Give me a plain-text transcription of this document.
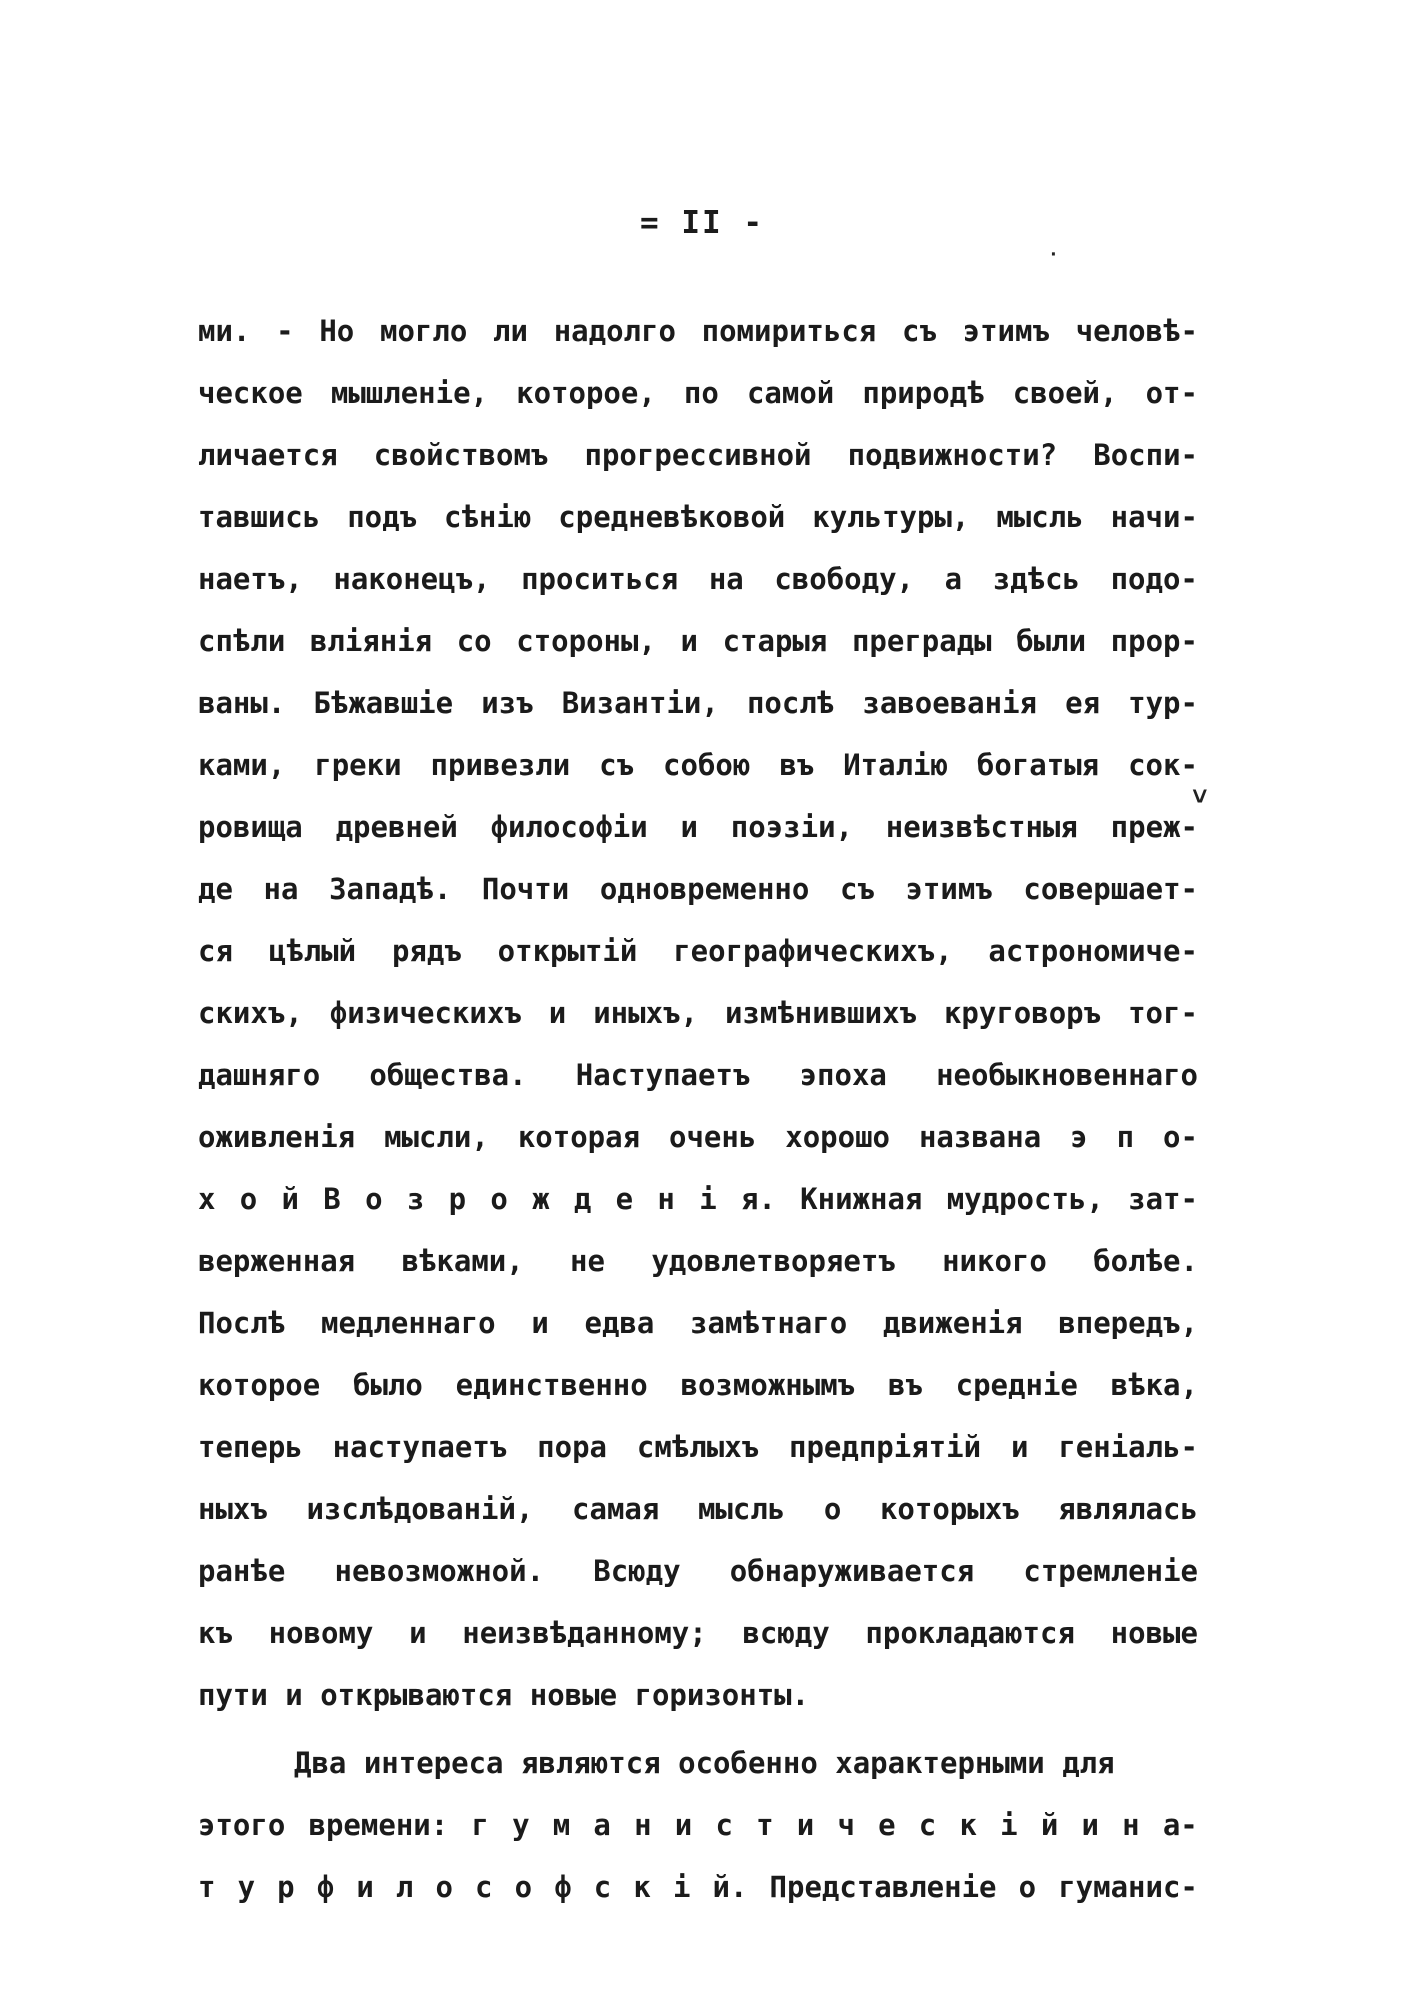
= II -
ми. - Но могло ли надолго помириться съ этимъ человѣ-
ческое мышленіе, которое, по самой природѣ своей, от-
личается свойствомъ прогрессивной подвижности? Воспи-
тавшись подъ сѣнію средневѣковой культуры, мысль начи-
наетъ, наконецъ, проситься на свободу, а здѣсь подо-
спѣли вліянія со стороны, и старыя преграды были прор-
ваны. Бѣжавшіе изъ Византіи, послѣ завоеванія ея тур-
ками, греки привезли съ собою въ Италію богатыя сок-
ровища древней философіи и поэзіи, неизвѣстныя преж-
де на Западѣ. Почти одновременно съ этимъ совершает-
ся цѣлый рядъ открытій географическихъ, астрономиче-
скихъ, физическихъ и иныхъ, измѣнившихъ круговоръ тог-
дашняго общества. Наступаетъ эпоха необыкновеннаго
оживленія мысли, которая очень хорошо названа э п о-
х о й В о з р о ж д е н і я. Книжная мудрость, зат-
верженная вѣками, не удовлетворяетъ никого болѣе.
Послѣ медленнаго и едва замѣтнаго движенія впередъ,
которое было единственно возможнымъ въ средніе вѣка,
теперь наступаетъ пора смѣлыхъ предпріятій и геніаль-
ныхъ изслѣдованій, самая мысль о которыхъ являлась
ранѣе невозможной. Всюду обнаруживается стремленіе
къ новому и неизвѣданному; всюду прокладаются новые
пути и открываются новые горизонты.
Два интереса являются особенно характерными для
этого времени: г у м а н и с т и ч е с к і й и н а-
т у р ф и л о с о ф с к і й. Представленіе о гуманис-
˅
·
